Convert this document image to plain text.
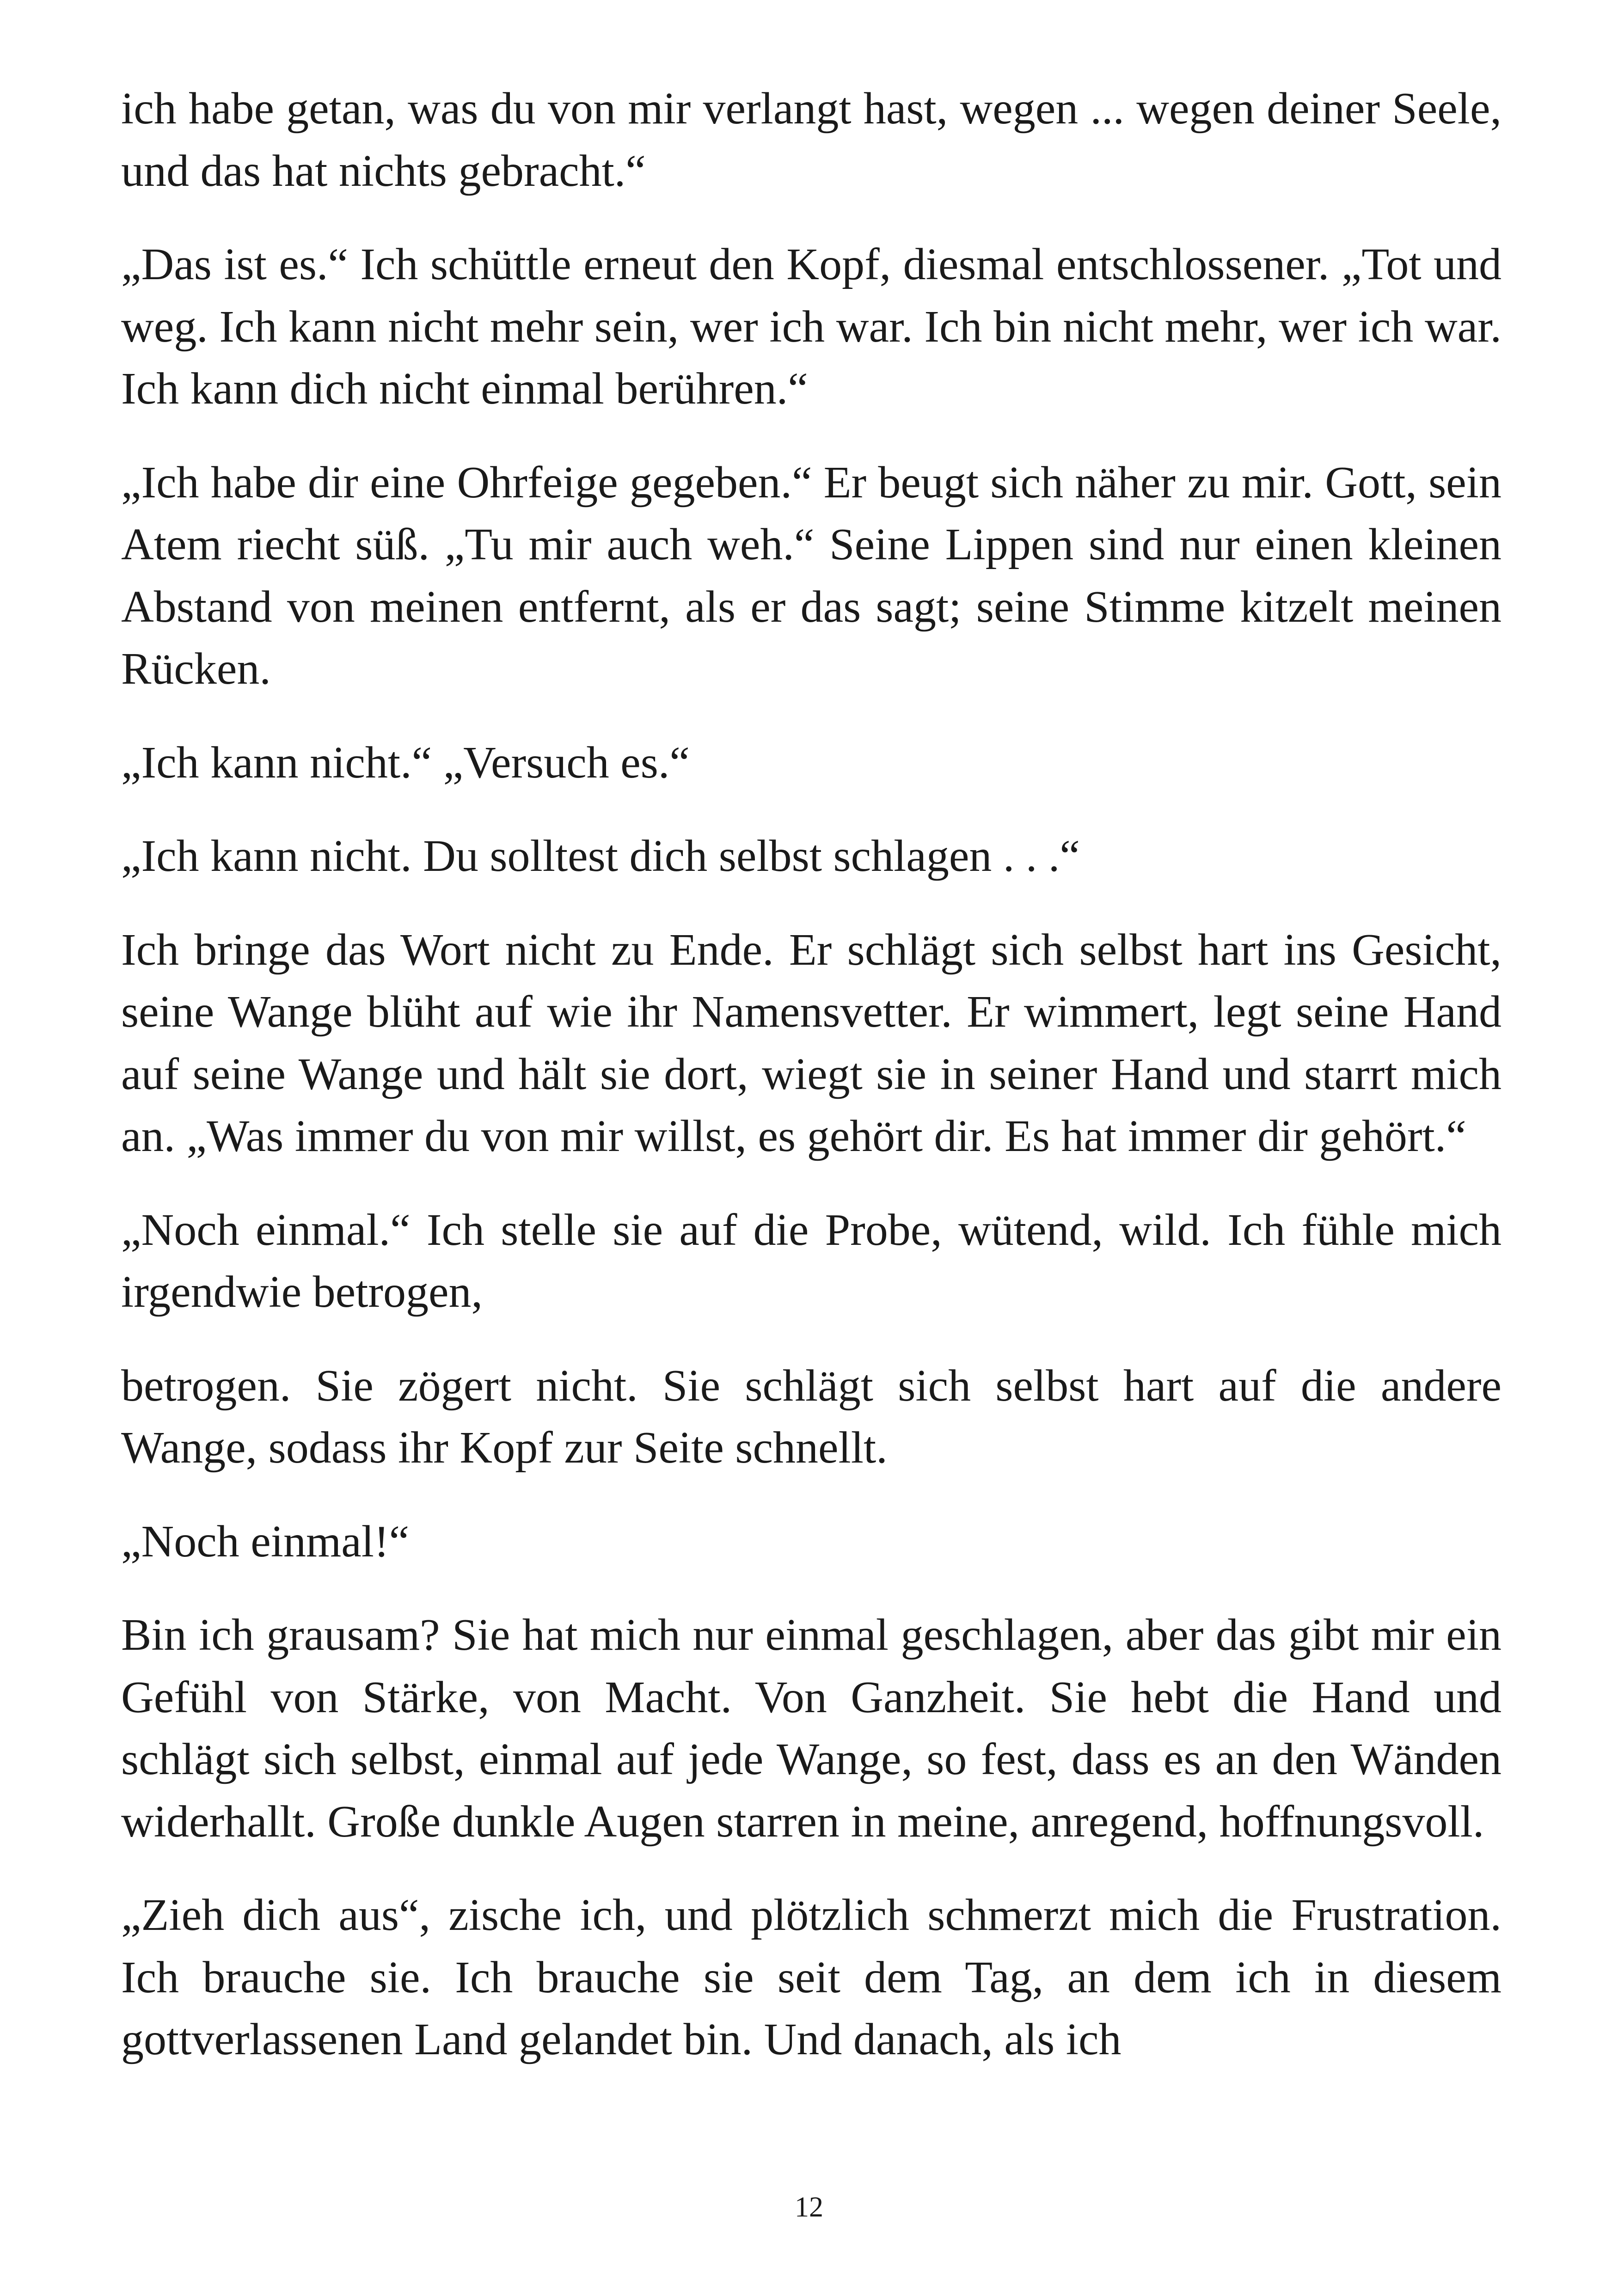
ich habe getan, was du von mir verlangt hast, wegen ... wegen deiner Seele, und das hat nichts gebracht.“

„Das ist es.“ Ich schüttle erneut den Kopf, diesmal entschlossener. „Tot und weg. Ich kann nicht mehr sein, wer ich war. Ich bin nicht mehr, wer ich war. Ich kann dich nicht einmal berühren.“

„Ich habe dir eine Ohrfeige gegeben.“ Er beugt sich näher zu mir. Gott, sein Atem riecht süß. „Tu mir auch weh.“ Seine Lippen sind nur einen kleinen Abstand von meinen entfernt, als er das sagt; seine Stimme kitzelt meinen Rücken.

„Ich kann nicht.“ „Versuch es.“

„Ich kann nicht. Du solltest dich selbst schlagen . . .“

Ich bringe das Wort nicht zu Ende. Er schlägt sich selbst hart ins Gesicht, seine Wange blüht auf wie ihr Namensvetter. Er wimmert, legt seine Hand auf seine Wange und hält sie dort, wiegt sie in seiner Hand und starrt mich an. „Was immer du von mir willst, es gehört dir. Es hat immer dir gehört.“

„Noch einmal.“ Ich stelle sie auf die Probe, wütend, wild. Ich fühle mich irgendwie betrogen,

betrogen. Sie zögert nicht. Sie schlägt sich selbst hart auf die andere Wange, sodass ihr Kopf zur Seite schnellt.

„Noch einmal!“

Bin ich grausam? Sie hat mich nur einmal geschlagen, aber das gibt mir ein Gefühl von Stärke, von Macht. Von Ganzheit. Sie hebt die Hand und schlägt sich selbst, einmal auf jede Wange, so fest, dass es an den Wänden widerhallt. Große dunkle Augen starren in meine, anregend, hoffnungsvoll.

„Zieh dich aus“, zische ich, und plötzlich schmerzt mich die Frustration. Ich brauche sie. Ich brauche sie seit dem Tag, an dem ich in diesem gottverlassenen Land gelandet bin. Und danach, als ich

12
